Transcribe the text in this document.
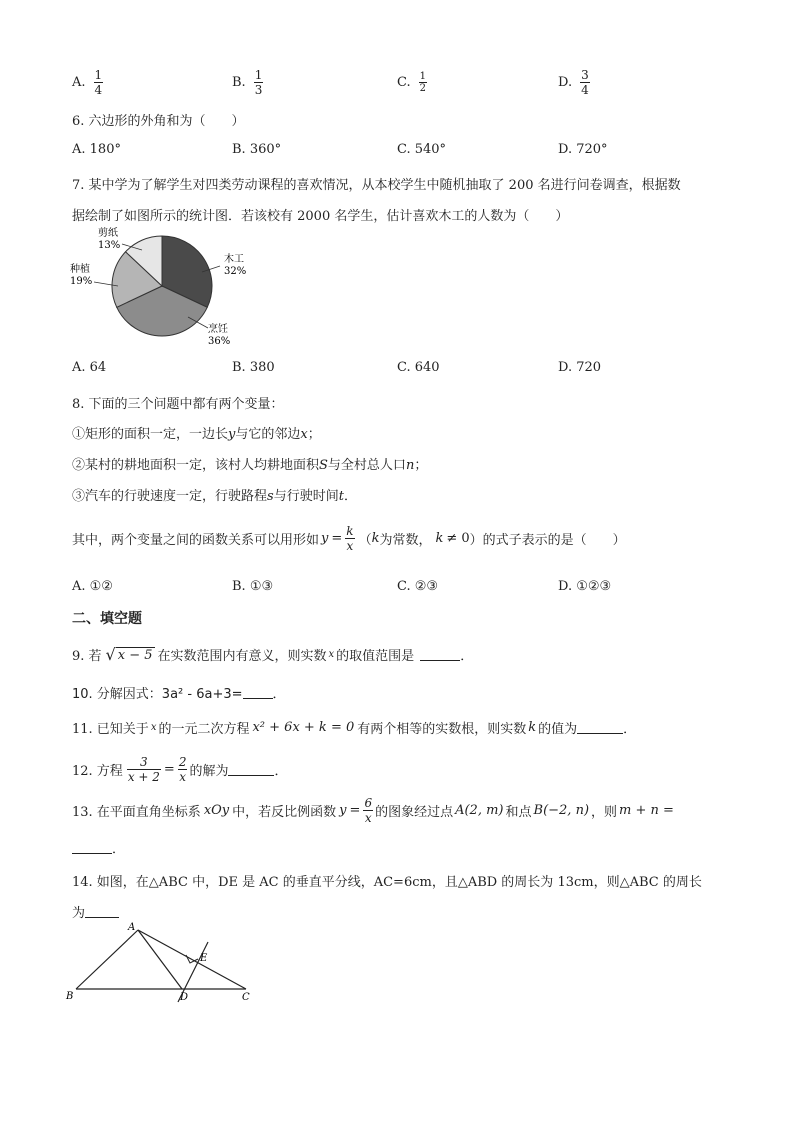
A. $\frac{1}{4}$	B. $\frac{1}{3}$	C. $\frac{1}{2}$	D. $\frac{3}{4}$
6. 六边形的外角和为（　　）
A. 180°	B. 360°	C. 540°	D. 720°
7. 某中学为了解学生对四类劳动课程的喜欢情况，从本校学生中随机抽取了 200 名进行问卷调查，根据数
据绘制了如图所示的统计图．若该校有 2000 名学生，估计喜欢木工的人数为（　　）
木工
32%
烹饪
36%
种植
19%
剪纸
13%
A. 64	B. 380	C. 640	D. 720
8. 下面的三个问题中都有两个变量：
①矩形的面积一定，一边长y与它的邻边x；
②某村的耕地面积一定，该村人均耕地面积S与全村总人口n；
③汽车的行驶速度一定，行驶路程s与行驶时间t．
其中，两个变量之间的函数关系可以用形如 $y = \frac{k}{x}$ （ k 为常数， k ≠ 0 ）的式子表示的是（　　）
A. ①②	B. ①③	C. ②③	D. ①②③
二、填空题
9. 若 √ x − 5 在实数范围内有意义，则实数 x 的取值范围是	．
10. 分解因式：3a² - 6a+3= ．
11. 已知关于 x 的一元二次方程 x² + 6x + k = 0 有两个相等的实数根，则实数 k 的值为	．
12. 方程 $\frac{3}{x + 2} = \frac{2}{x}$ 的解为	．
13. 在平面直角坐标系 xOy 中，若反比例函数 $y = \frac{6}{x}$ 的图象经过点 A(2, m) 和点 B(−2, n) ，则 m + n =
．
14. 如图，在△ABC 中，DE 是 AC 的垂直平分线，AC=6cm，且△ABD 的周长为 13cm，则△ABC 的周长
为
A
B	C
D
E
